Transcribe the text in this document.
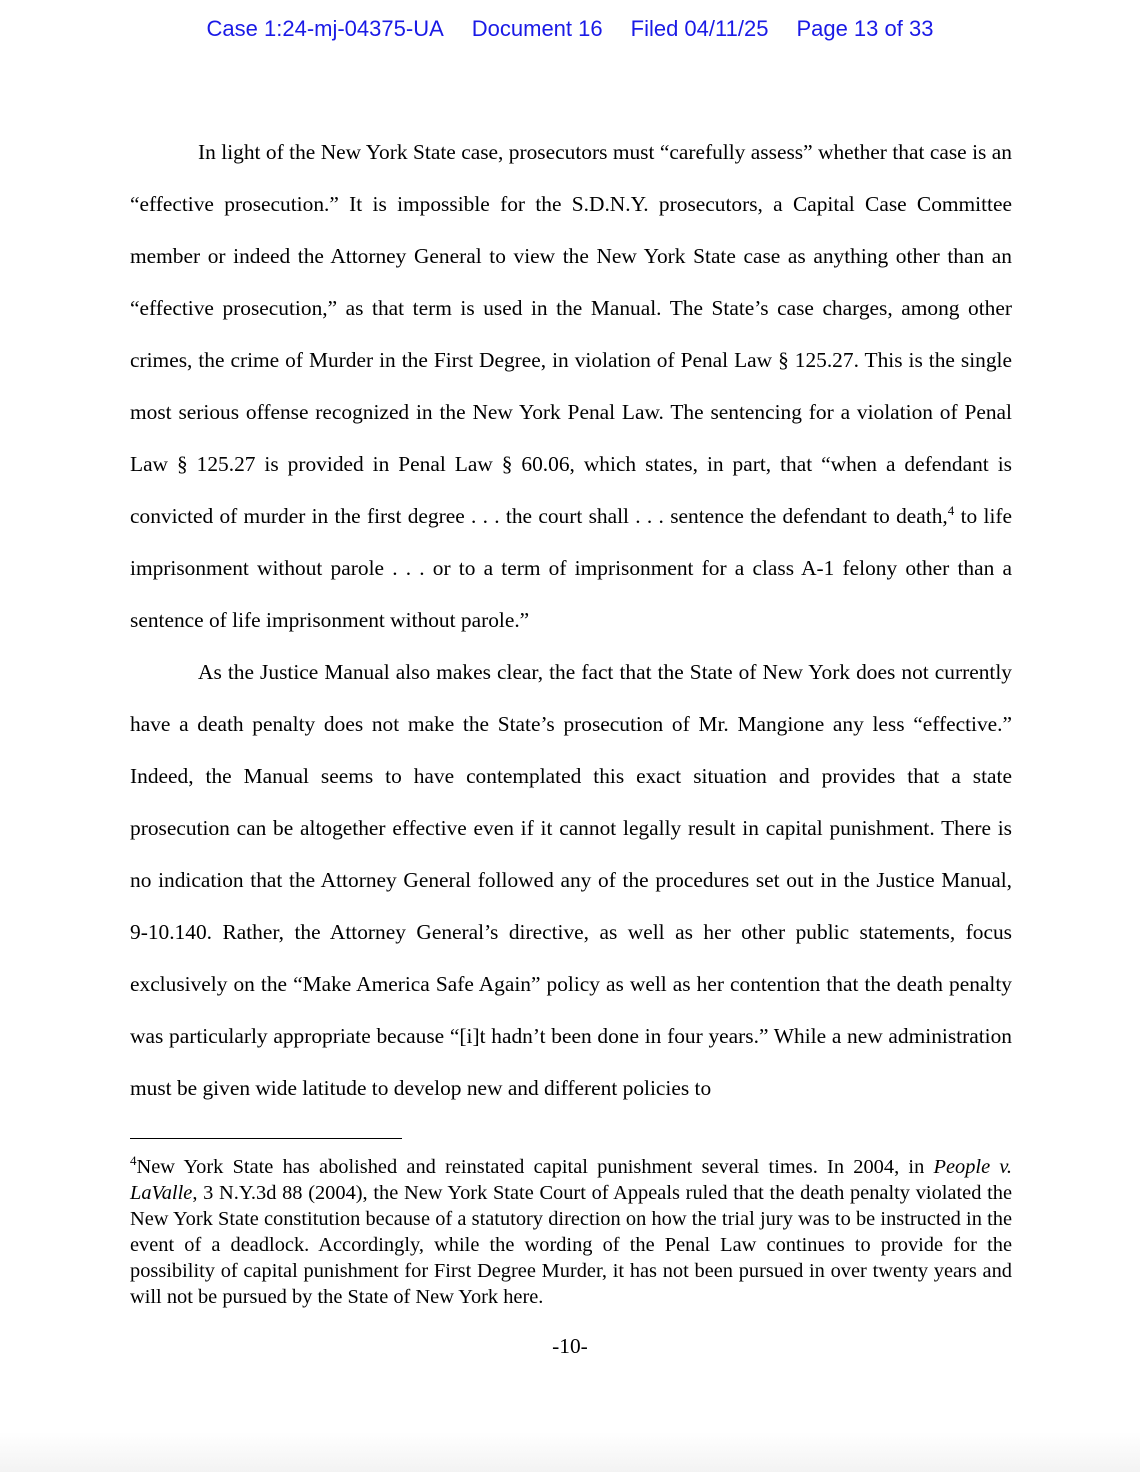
Case 1:24-mj-04375-UA Document 16 Filed 04/11/25 Page 13 of 33

In light of the New York State case, prosecutors must “carefully assess” whether that case is an “effective prosecution.” It is impossible for the S.D.N.Y. prosecutors, a Capital Case Committee member or indeed the Attorney General to view the New York State case as anything other than an “effective prosecution,” as that term is used in the Manual. The State’s case charges, among other crimes, the crime of Murder in the First Degree, in violation of Penal Law § 125.27. This is the single most serious offense recognized in the New York Penal Law. The sentencing for a violation of Penal Law § 125.27 is provided in Penal Law § 60.06, which states, in part, that “when a defendant is convicted of murder in the first degree . . . the court shall . . . sentence the defendant to death,$^4$ to life imprisonment without parole . . . or to a term of imprisonment for a class A-1 felony other than a sentence of life imprisonment without parole.”

As the Justice Manual also makes clear, the fact that the State of New York does not currently have a death penalty does not make the State’s prosecution of Mr. Mangione any less “effective.” Indeed, the Manual seems to have contemplated this exact situation and provides that a state prosecution can be altogether effective even if it cannot legally result in capital punishment. There is no indication that the Attorney General followed any of the procedures set out in the Justice Manual, 9-10.140. Rather, the Attorney General’s directive, as well as her other public statements, focus exclusively on the “Make America Safe Again” policy as well as her contention that the death penalty was particularly appropriate because “[i]t hadn’t been done in four years.” While a new administration must be given wide latitude to develop new and different policies to

$^4$New York State has abolished and reinstated capital punishment several times. In 2004, in People v. LaValle, 3 N.Y.3d 88 (2004), the New York State Court of Appeals ruled that the death penalty violated the New York State constitution because of a statutory direction on how the trial jury was to be instructed in the event of a deadlock. Accordingly, while the wording of the Penal Law continues to provide for the possibility of capital punishment for First Degree Murder, it has not been pursued in over twenty years and will not be pursued by the State of New York here.
-10-
